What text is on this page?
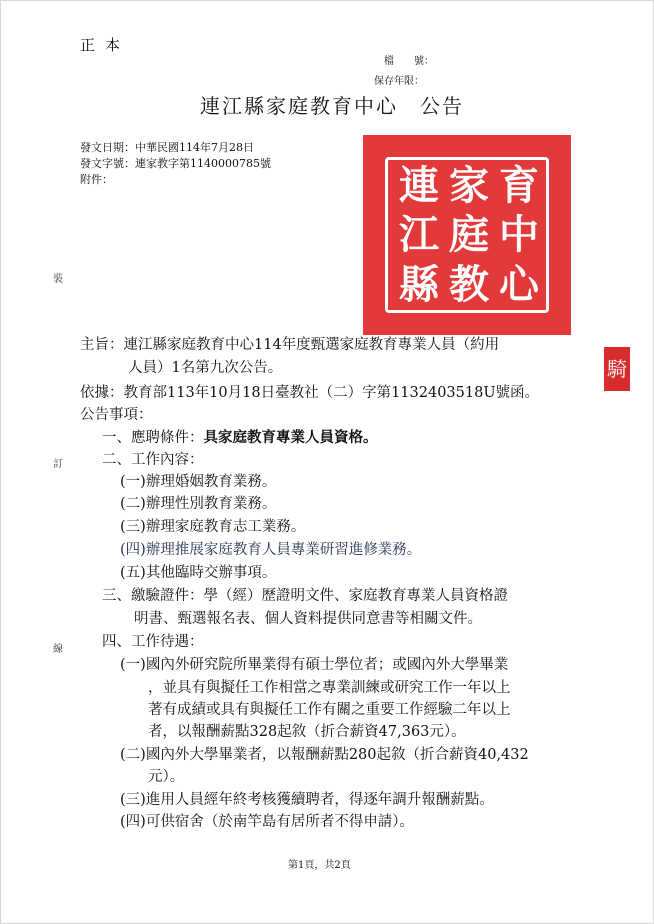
正本
檔　　號：
保存年限：
連江縣家庭教育中心 公告
發文日期：中華民國114年7月28日
發文字號：連家教字第1140000785號
附件：	連 家 育
江 庭 中
縣 教 心
騎
裝
訂
線
主旨：連江縣家庭教育中心114年度甄選家庭教育專業人員（約用
人員）1名第九次公告。
依據：教育部113年10月18日臺教社（二）字第1132403518U號函。
公告事項：
一、應聘條件：具家庭教育專業人員資格。
二、工作內容：
(一)辦理婚姻教育業務。
(二)辦理性別教育業務。
(三)辦理家庭教育志工業務。
(四)辦理推展家庭教育人員專業研習進修業務。
(五)其他臨時交辦事項。
三、繳驗證件：學（經）歷證明文件、家庭教育專業人員資格證
明書、甄選報名表、個人資料提供同意書等相關文件。
四、工作待遇：
(一)國內外研究院所畢業得有碩士學位者；或國內外大學畢業
，並具有與擬任工作相當之專業訓練或研究工作一年以上
著有成績或具有與擬任工作有關之重要工作經驗二年以上
者，以報酬薪點328起敘（折合薪資47,363元）。
(二)國內外大學畢業者，以報酬薪點280起敘（折合薪資40,432
元）。
(三)進用人員經年終考核獲續聘者，得逐年調升報酬薪點。
(四)可供宿舍（於南竿島有居所者不得申請）。
第1頁，共2頁
